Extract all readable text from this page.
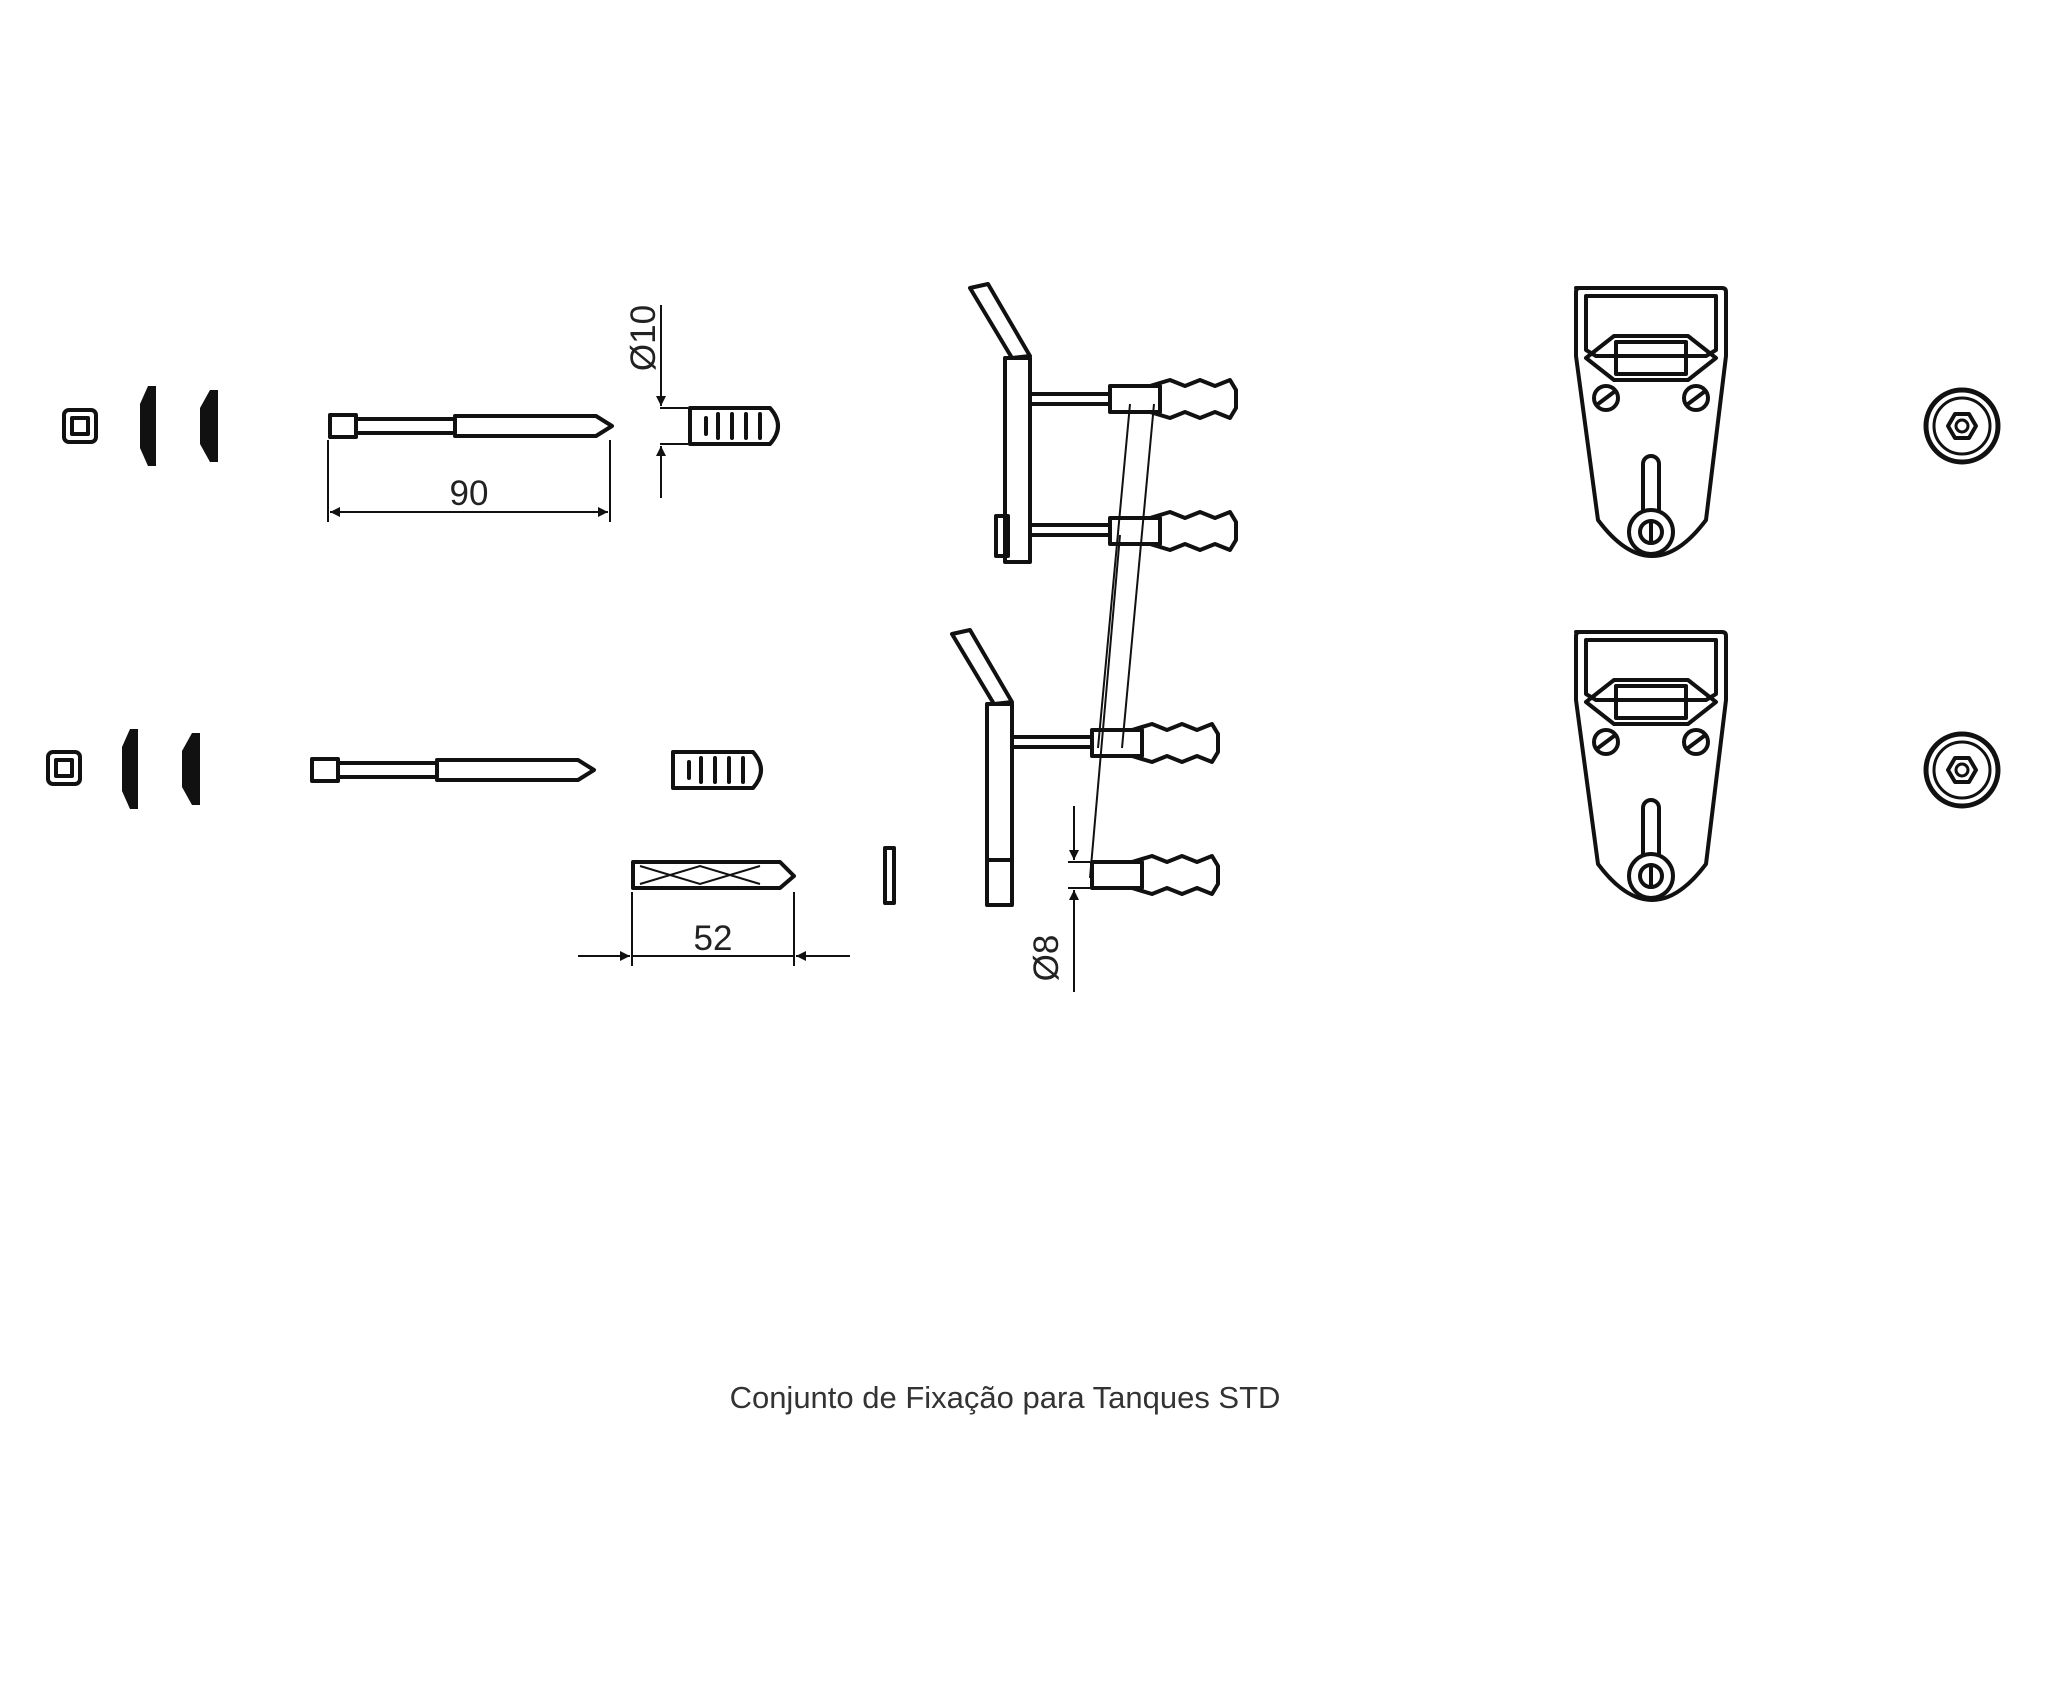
90
Ø10
52	Ø8
Conjunto de Fixação para Tanques STD
